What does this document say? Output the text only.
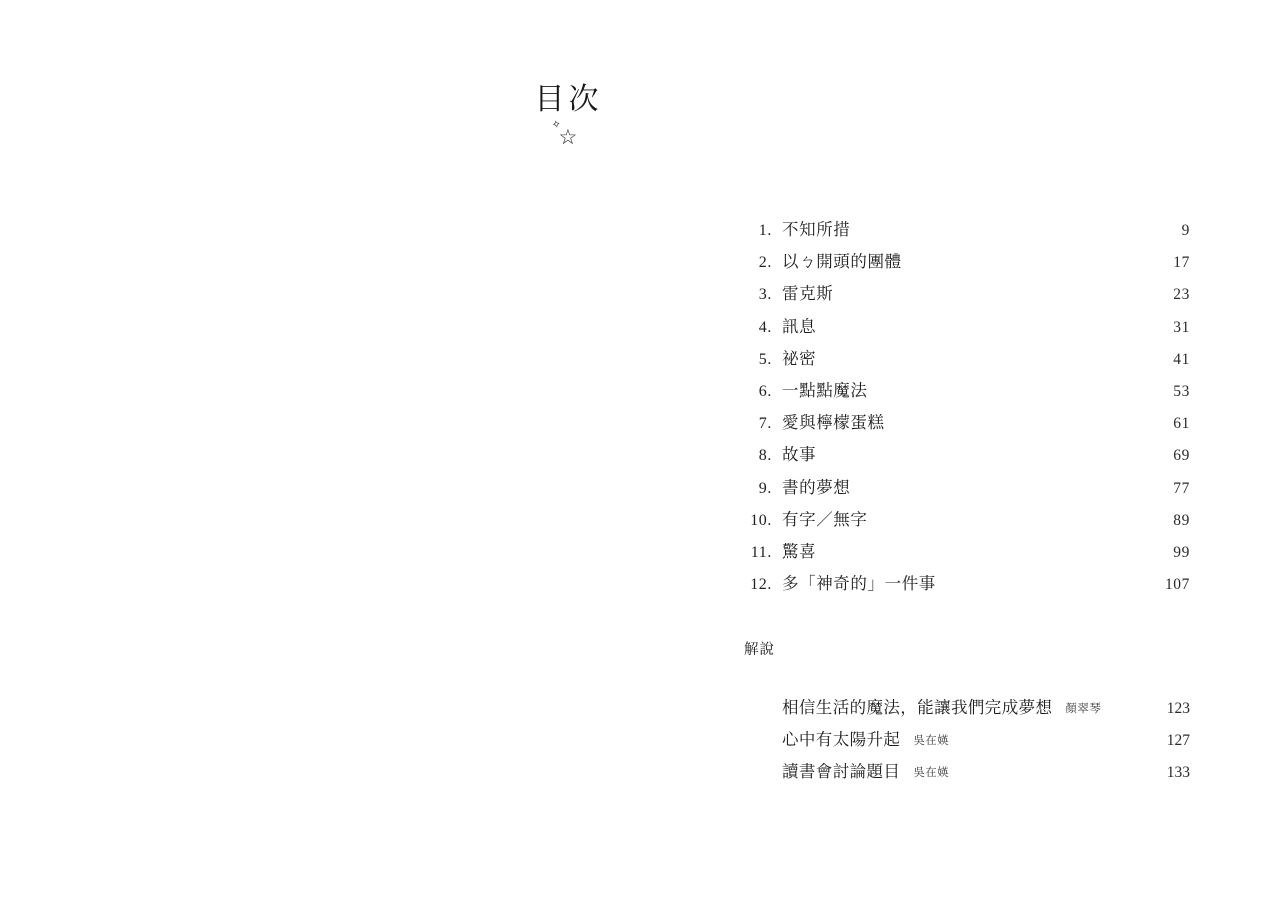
目次
✧
☆
1. 不知所措	9
2. 以ㄅ開頭的團體	17
3. 雷克斯	23
4. 訊息	31
5. 祕密	41
6. 一點點魔法	53
7. 愛與檸檬蛋糕	61
8. 故事	69
9. 書的夢想	77
10. 有字／無字	89
11. 驚喜	99
12. 多「神奇的」一件事	107
解說
相信生活的魔法，能讓我們完成夢想 顏翠琴	123
心中有太陽升起 吳在媖	127
讀書會討論題目 吳在媖	133
